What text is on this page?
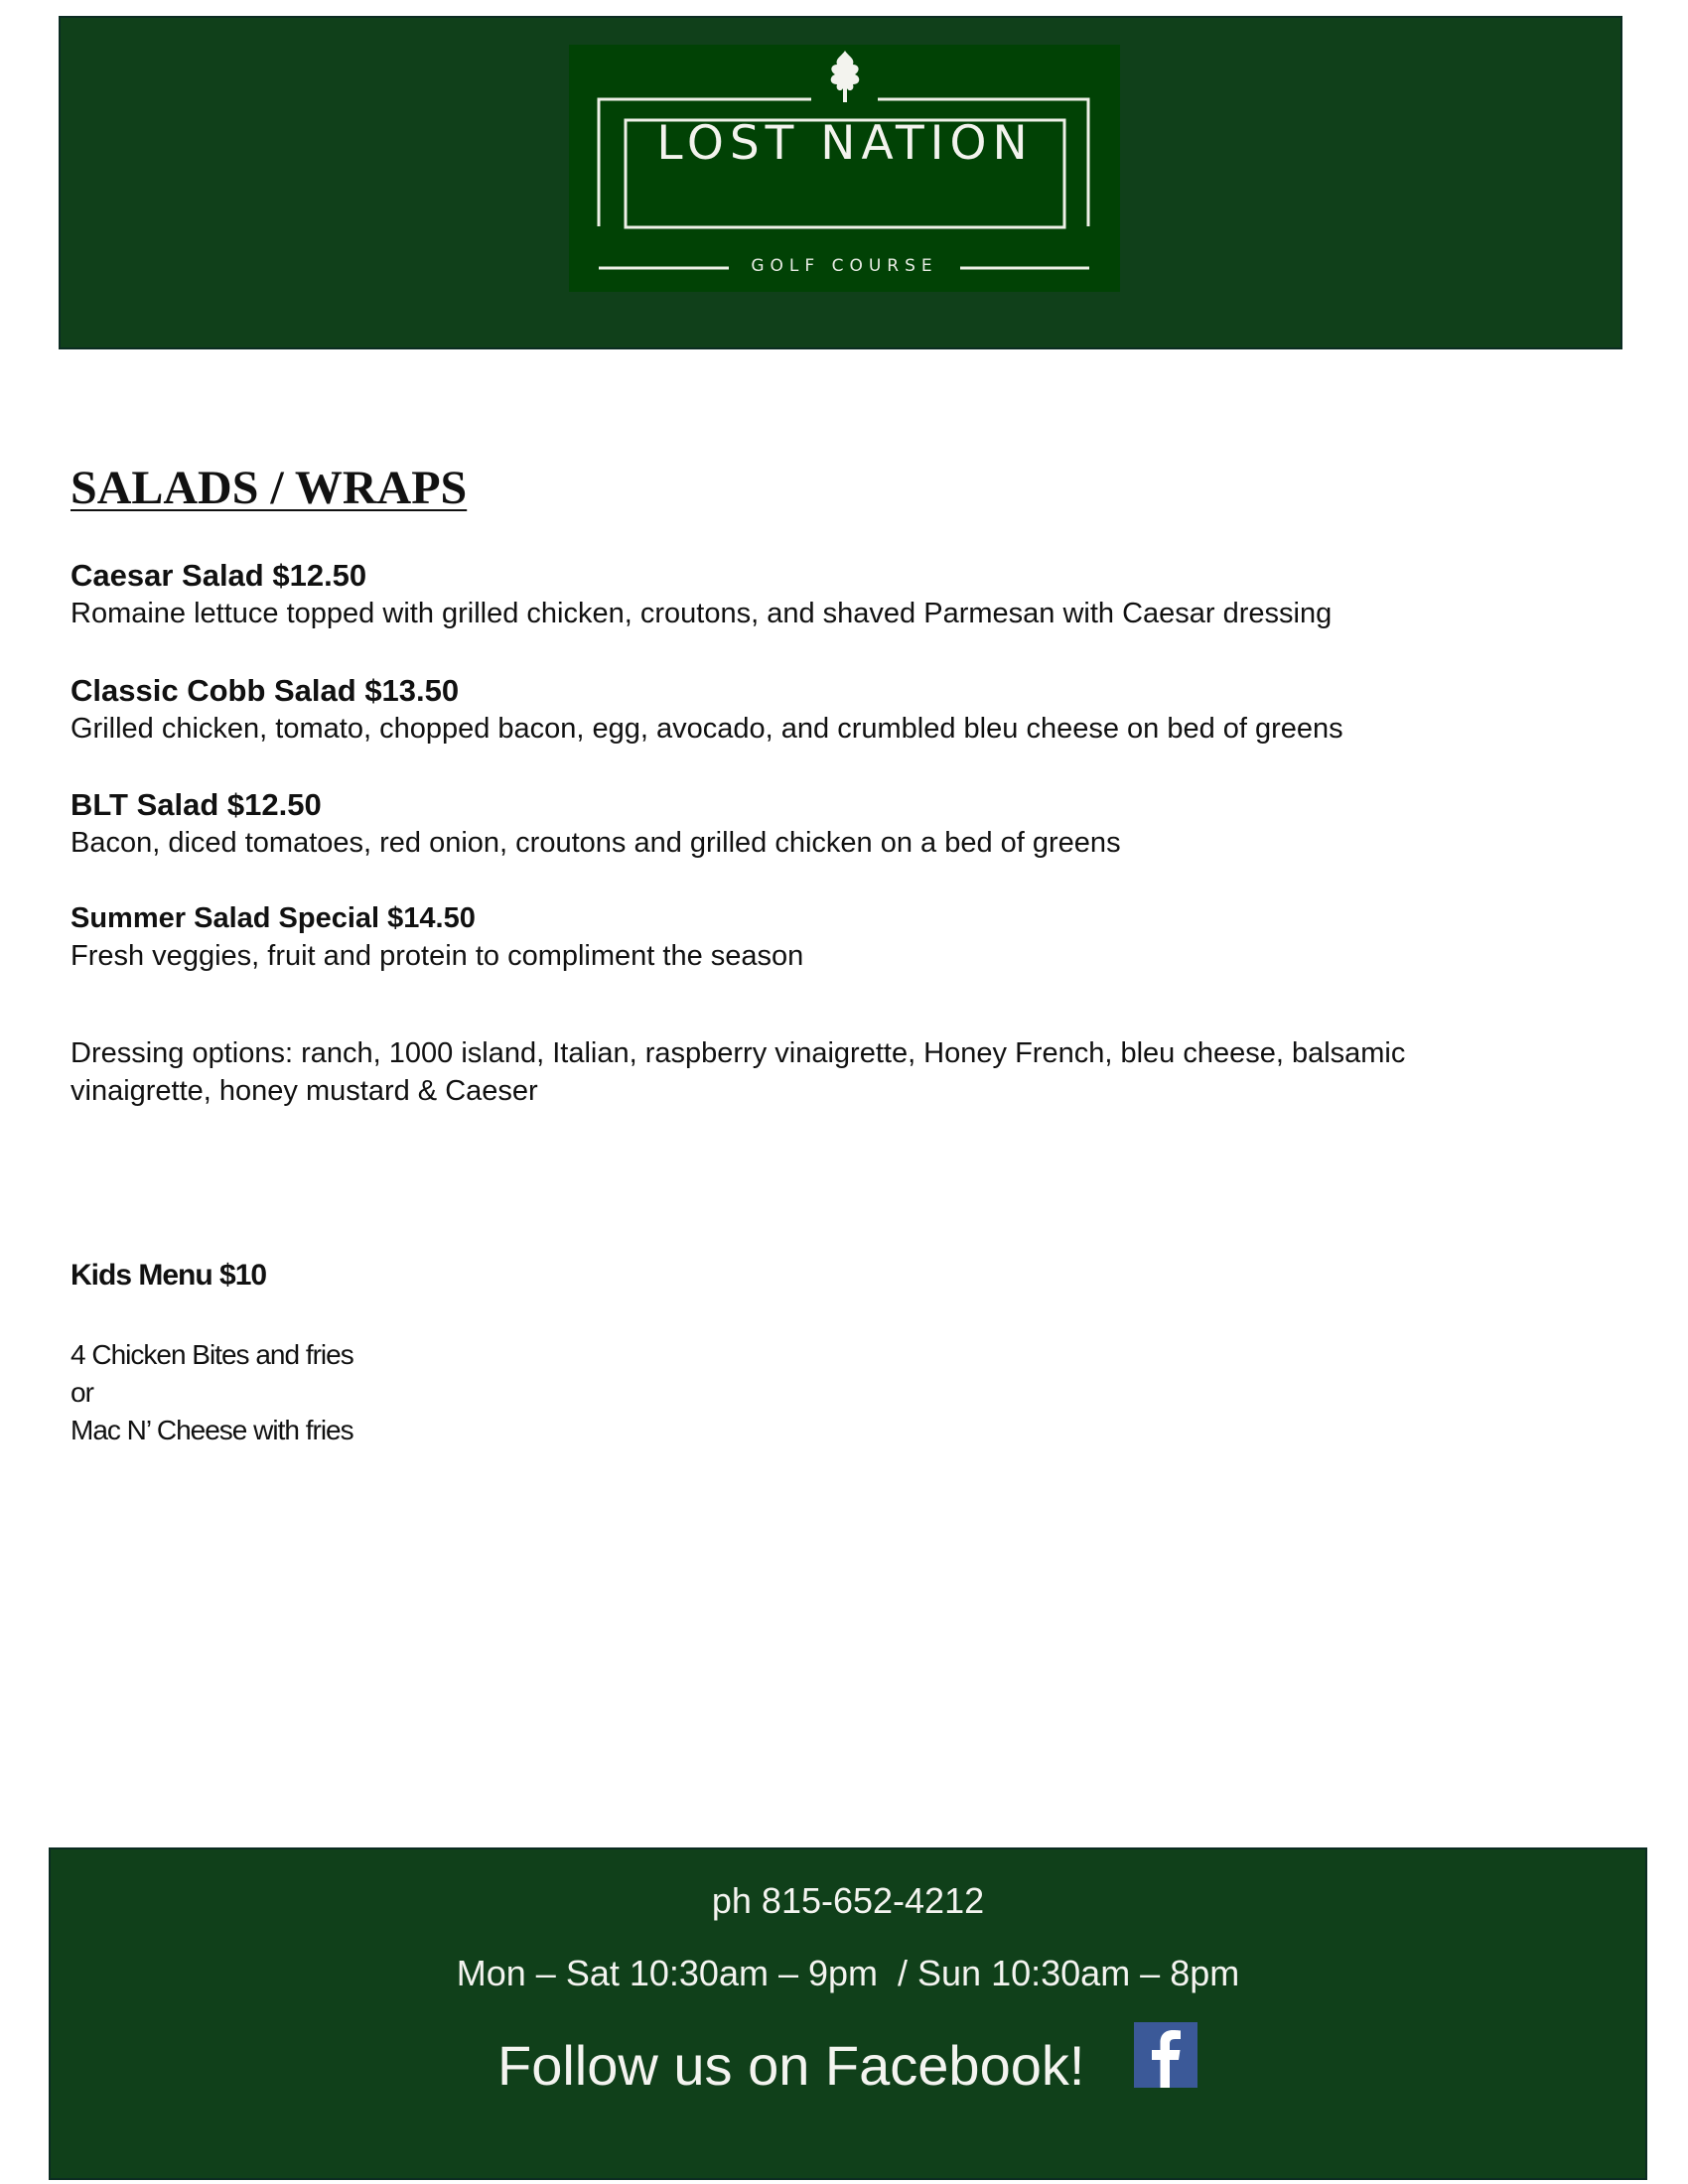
LOST NATION
GOLF COURSE
SALADS / WRAPS
Caesar Salad $12.50
Romaine lettuce topped with grilled chicken, croutons, and shaved Parmesan with Caesar dressing
Classic Cobb Salad $13.50
Grilled chicken, tomato, chopped bacon, egg, avocado, and crumbled bleu cheese on bed of greens
BLT Salad $12.50
Bacon, diced tomatoes, red onion, croutons and grilled chicken on a bed of greens
Summer Salad Special $14.50
Fresh veggies, fruit and protein to compliment the season
Dressing options: ranch, 1000 island, Italian, raspberry vinaigrette, Honey French, bleu cheese, balsamic vinaigrette, honey mustard & Caeser
Kids Menu $10
4 Chicken Bites and fries
or
Mac N’ Cheese with fries
ph 815-652-4212
Mon – Sat 10:30am – 9pm  / Sun 10:30am – 8pm
Follow us on Facebook!
